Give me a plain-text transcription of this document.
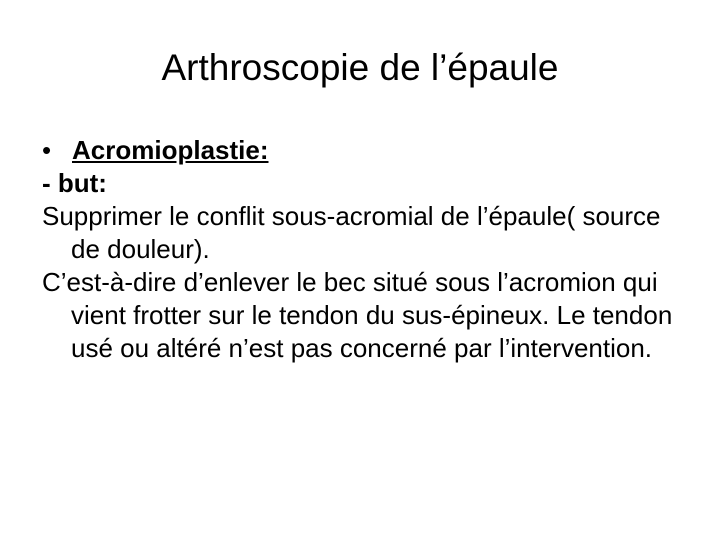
Arthroscopie de l’épaule
• Acromioplastie:
- but:

Supprimer le conflit sous-acromial de l’épaule( source de douleur).

C’est-à-dire d’enlever le bec situé sous l’acromion qui vient frotter sur le tendon du sus-épineux. Le tendon usé ou altéré n’est pas concerné par l’intervention.
